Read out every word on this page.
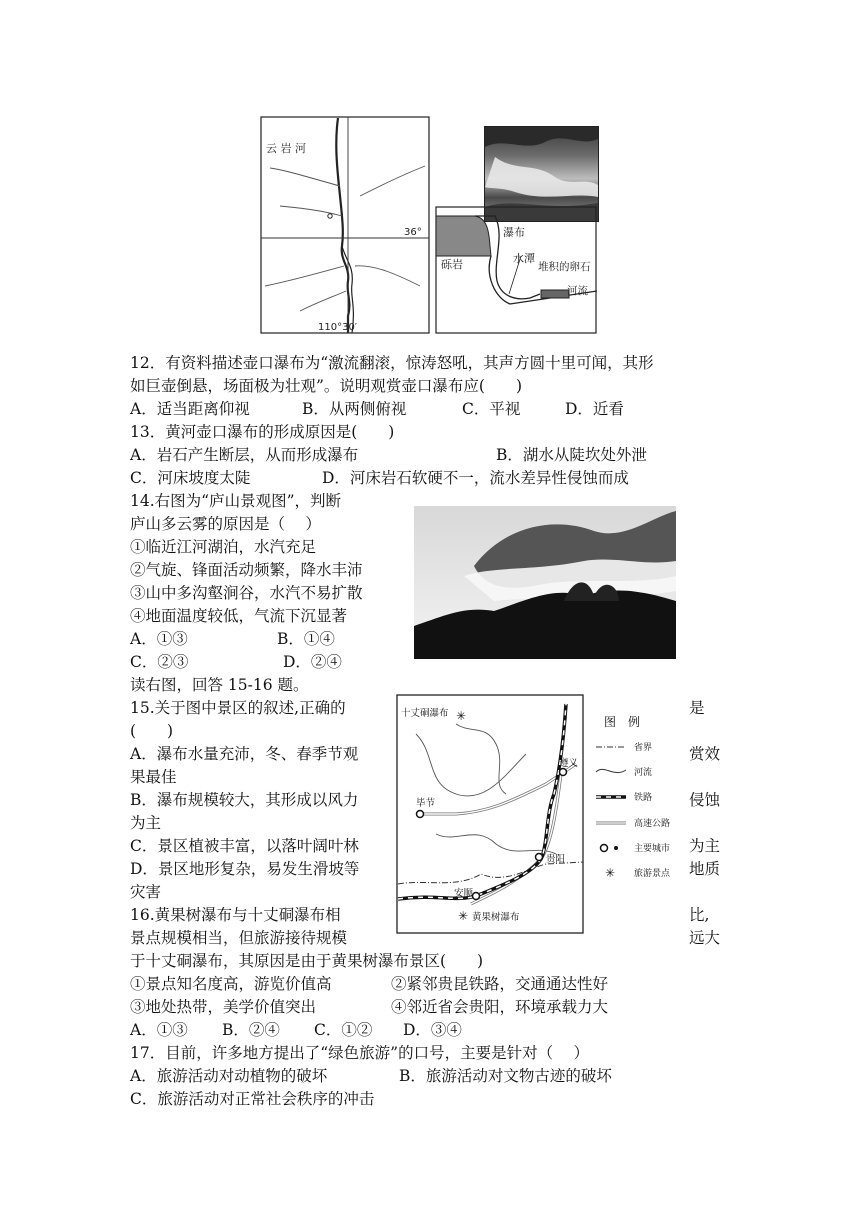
云 岩 河
36°
110°30′
砾岩
瀑布
水潭
堆积的卵石
河流
12．有资料描述壶口瀑布为“激流翻滚，惊涛怒吼，其声方圆十里可闻，其形
如巨壶倒悬，场面极为壮观”。说明观赏壶口瀑布应(　　)
A．适当距离仰视	B．从两侧俯视	C．平视	D．近看
13．黄河壶口瀑布的形成原因是(　　)
A．岩石产生断层，从而形成瀑布	B．湖水从陡坎处外泄
C．河床坡度太陡	D．河床岩石软硬不一，流水差异性侵蚀而成
14.右图为“庐山景观图”，判断
庐山多云雾的原因是（　 ）
①临近江河湖泊，水汽充足
②气旋、锋面活动频繁，降水丰沛
③山中多沟壑涧谷，水汽不易扩散
④地面温度较低，气流下沉显著
A．①③	B．①④
C．②③	D．②④
读右图，回答 15-16 题。
15.关于图中景区的叙述,正确的	是
(　　)
A．瀑布水量充沛，冬、春季节观	赏效
果最佳
B．瀑布规模较大，其形成以风力	侵蚀
为主
C．景区植被丰富，以落叶阔叶林	为主
D．景区地形复杂，易发生滑坡等	地质
灾害
16.黄果树瀑布与十丈硐瀑布相	比,
景点规模相当，但旅游接待规模	远大
于十丈硐瀑布，其原因是由于黄果树瀑布景区(　　)
①景点知名度高，游览价值高	②紧邻贵昆铁路，交通通达性好
③地处热带，美学价值突出	④邻近省会贵阳，环境承载力大
A．①③ B．②④ C．①② D．③④
✳
✳
十丈硐瀑布
遵义
毕节
贵阳
安顺
黄果树瀑布
图　例
省界
河流
铁路
高速公路
主要城市
✳ 旅游景点
17．目前，许多地方提出了“绿色旅游”的口号，主要是针对（　 ）
A．旅游活动对动植物的破坏	B．旅游活动对文物古迹的破坏
C．旅游活动对正常社会秩序的冲击
